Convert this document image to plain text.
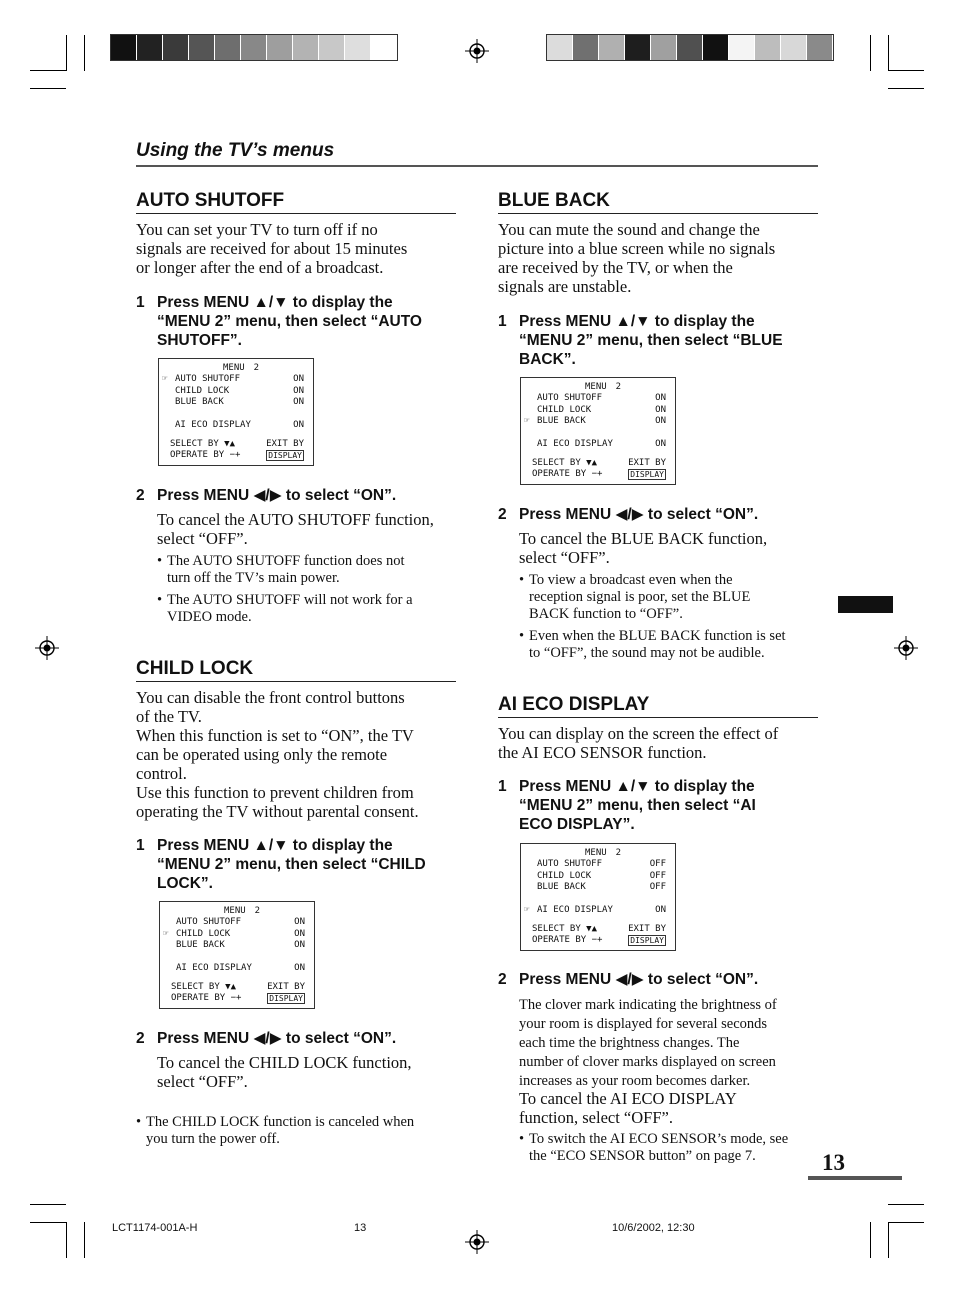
Using the TV’s menus
AUTO SHUTOFF
You can set your TV to turn off if no
signals are received for about 15 minutes
or longer after the end of a broadcast.
1 Press MENU ▲/▼ to display the
“MENU 2” menu, then select “AUTO
SHUTOFF”.
MENU 2
☞ AUTO SHUTOFF	ON
CHILD LOCK	ON
BLUE BACK	ON
AI ECO DISPLAY	ON
SELECT BY ▼▲	EXIT BY
OPERATE BY −+	DISPLAY
2 Press MENU ◀/▶ to select “ON”.
To cancel the AUTO SHUTOFF function,
select “OFF”.
• The AUTO SHUTOFF function does not
turn off the TV’s main power.
• The AUTO SHUTOFF will not work for a
VIDEO mode.
CHILD LOCK
You can disable the front control buttons
of the TV.
When this function is set to “ON”, the TV
can be operated using only the remote
control.
Use this function to prevent children from
operating the TV without parental consent.
1 Press MENU ▲/▼ to display the
“MENU 2” menu, then select “CHILD
LOCK”.
MENU 2
AUTO SHUTOFF	ON
☞ CHILD LOCK	ON
BLUE BACK	ON
AI ECO DISPLAY	ON
SELECT BY ▼▲	EXIT BY
OPERATE BY −+	DISPLAY
2 Press MENU ◀/▶ to select “ON”.
To cancel the CHILD LOCK function,
select “OFF”.
• The CHILD LOCK function is canceled when
you turn the power off.
BLUE BACK
You can mute the sound and change the
picture into a blue screen while no signals
are received by the TV, or when the
signals are unstable.
1 Press MENU ▲/▼ to display the
“MENU 2” menu, then select “BLUE
BACK”.
MENU 2
AUTO SHUTOFF	ON
CHILD LOCK	ON
☞ BLUE BACK	ON
AI ECO DISPLAY	ON
SELECT BY ▼▲	EXIT BY
OPERATE BY −+	DISPLAY
2 Press MENU ◀/▶ to select “ON”.
To cancel the BLUE BACK function,
select “OFF”.
• To view a broadcast even when the
reception signal is poor, set the BLUE
BACK function to “OFF”.
• Even when the BLUE BACK function is set
to “OFF”, the sound may not be audible.
AI ECO DISPLAY
You can display on the screen the effect of
the AI ECO SENSOR function.
1 Press MENU ▲/▼ to display the
“MENU 2” menu, then select “AI
ECO DISPLAY”.
MENU 2
AUTO SHUTOFF	OFF
CHILD LOCK	OFF
BLUE BACK	OFF
☞ AI ECO DISPLAY	ON
SELECT BY ▼▲	EXIT BY
OPERATE BY −+	DISPLAY
2 Press MENU ◀/▶ to select “ON”.
The clover mark indicating the brightness of
your room is displayed for several seconds
each time the brightness changes. The
number of clover marks displayed on screen
increases as your room becomes darker.
To cancel the AI ECO DISPLAY
function, select “OFF”.
• To switch the AI ECO SENSOR’s mode, see
the “ECO SENSOR button” on page 7.	13
LCT1174-001A-H	13	10/6/2002, 12:30
